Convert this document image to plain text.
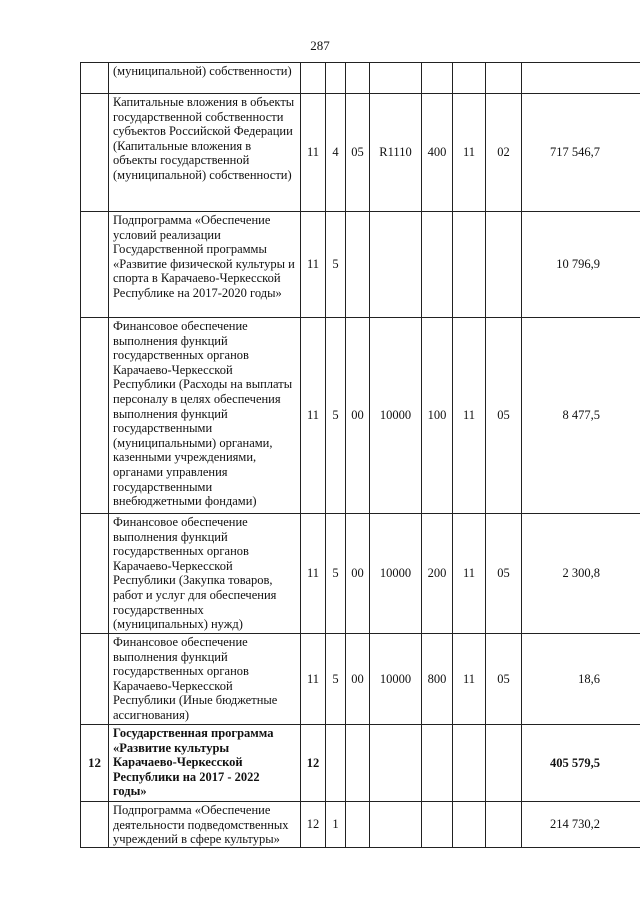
287
	(муниципальной) собственности)								
	Капитальные вложения в объекты государственной собственности субъектов Российской Федерации (Капитальные вложения в объекты государственной (муниципальной) собственности)	11	4	05	R1110	400	11	02	717 546,7
	Подпрограмма «Обеспечение условий реализации Государственной программы «Развитие физической культуры и спорта в Карачаево-Черкесской Республике на 2017-2020 годы»	11	5						10 796,9
	Финансовое обеспечение выполнения функций государственных органов Карачаево-Черкесской Республики (Расходы на выплаты персоналу в целях обеспечения выполнения функций государственными (муниципальными) органами, казенными учреждениями, органами управления государственными внебюджетными фондами)	11	5	00	10000	100	11	05	8 477,5
	Финансовое обеспечение выполнения функций государственных органов Карачаево-Черкесской Республики (Закупка товаров, работ и услуг для обеспечения государственных (муниципальных) нужд)	11	5	00	10000	200	11	05	2 300,8
	Финансовое обеспечение выполнения функций государственных органов Карачаево-Черкесской Республики (Иные бюджетные ассигнования)	11	5	00	10000	800	11	05	18,6
12	Государственная программа «Развитие культуры Карачаево-Черкесской Республики на 2017 - 2022 годы»	12							405 579,5
	Подпрограмма «Обеспечение деятельности подведомственных учреждений в сфере культуры»	12	1						214 730,2
